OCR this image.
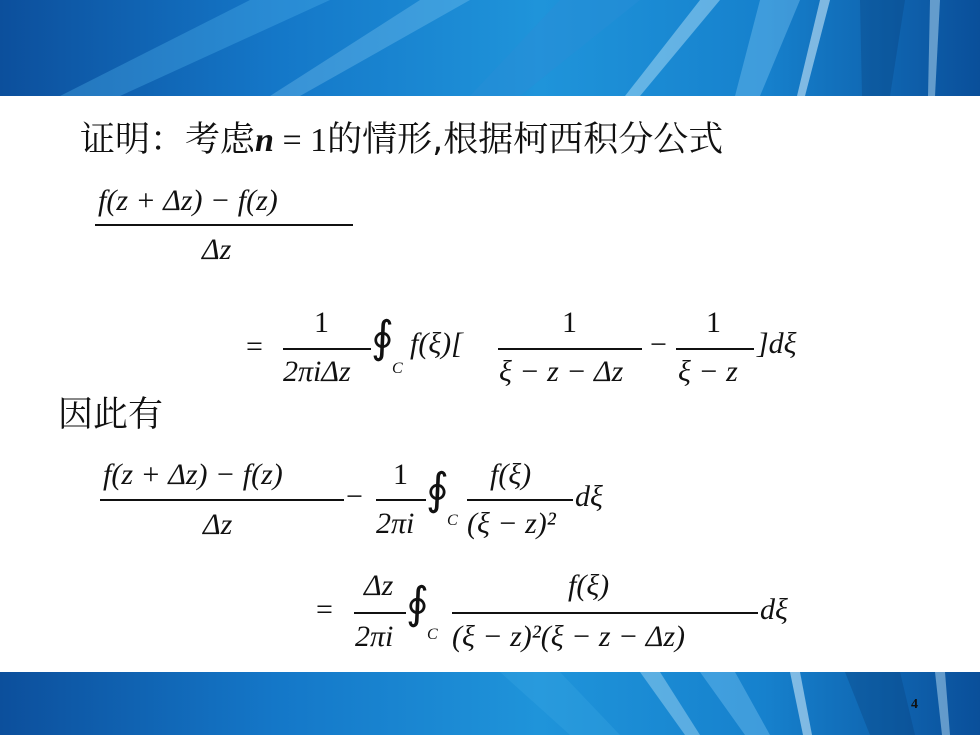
证明：考虑n = 1的情形,根据柯西积分公式
f(z + Δz) − f(z)
Δz
=
1
2πiΔz
∮
C
f(ξ)[
1
ξ − z − Δz
−
1
ξ − z
]dξ
因此有
f(z + Δz) − f(z)
Δz
−
1
2πi
∮
C
f(ξ)
(ξ − z)²
dξ
=
Δz
2πi
∮
C
f(ξ)
(ξ − z)²(ξ − z − Δz)
dξ
4
